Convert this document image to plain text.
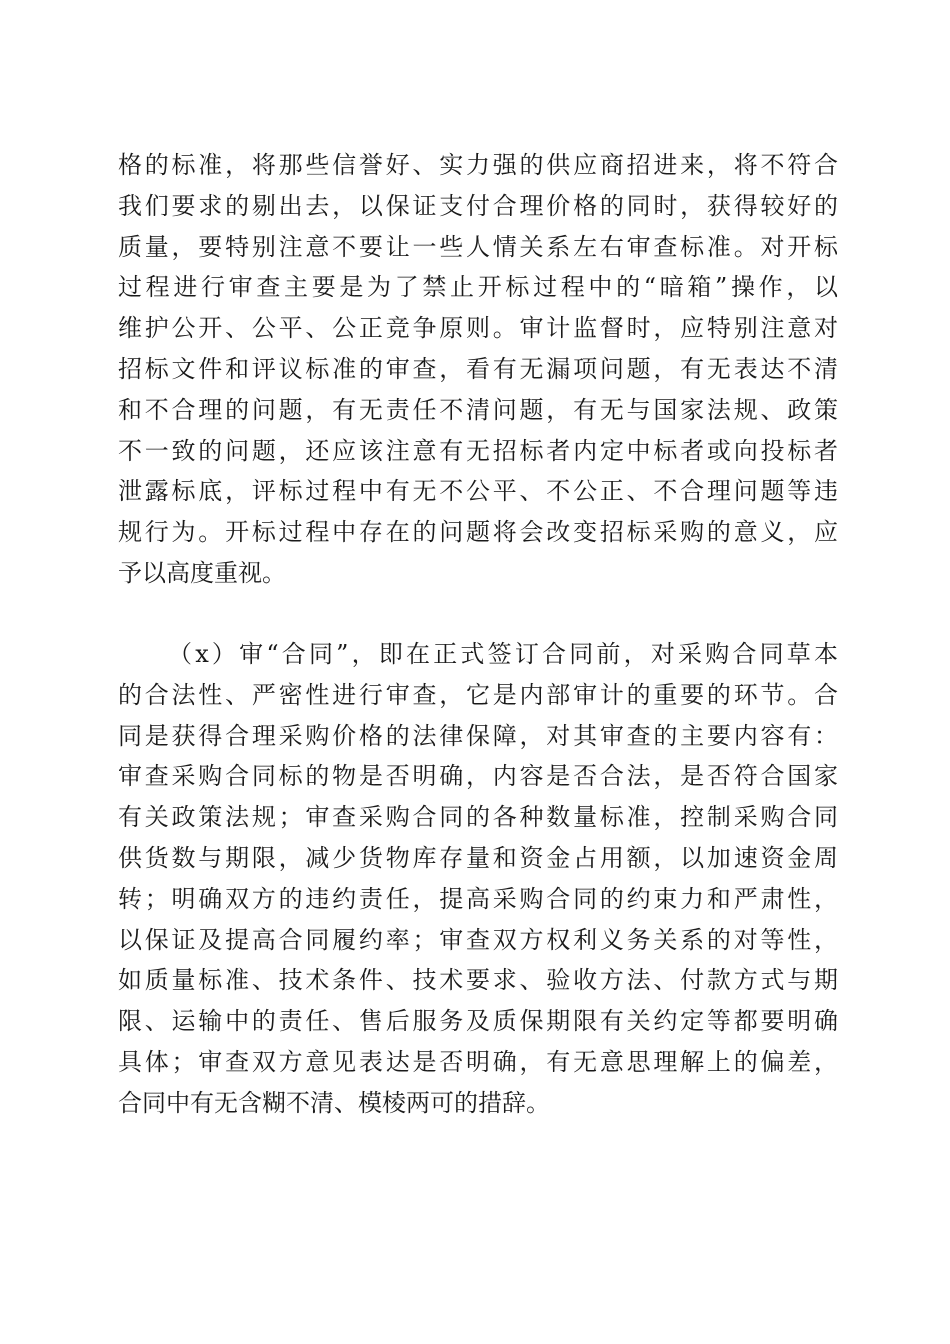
格的标准，将那些信誉好、实力强的供应商招进来，将不符合
我们要求的剔出去，以保证支付合理价格的同时，获得较好的
质量，要特别注意不要让一些人情关系左右审查标准。对开标
过程进行审查主要是为了禁止开标过程中的“暗箱”操作，以
维护公开、公平、公正竞争原则。审计监督时，应特别注意对
招标文件和评议标准的审查，看有无漏项问题，有无表达不清
和不合理的问题，有无责任不清问题，有无与国家法规、政策
不一致的问题，还应该注意有无招标者内定中标者或向投标者
泄露标底，评标过程中有无不公平、不公正、不合理问题等违
规行为。开标过程中存在的问题将会改变招标采购的意义，应
予以高度重视。
（x）审“合同”，即在正式签订合同前，对采购合同草本
的合法性、严密性进行审查，它是内部审计的重要的环节。合
同是获得合理采购价格的法律保障，对其审查的主要内容有：
审查采购合同标的物是否明确，内容是否合法，是否符合国家
有关政策法规；审查采购合同的各种数量标准，控制采购合同
供货数与期限，减少货物库存量和资金占用额，以加速资金周
转；明确双方的违约责任，提高采购合同的约束力和严肃性，
以保证及提高合同履约率；审查双方权利义务关系的对等性，
如质量标准、技术条件、技术要求、验收方法、付款方式与期
限、运输中的责任、售后服务及质保期限有关约定等都要明确
具体；审查双方意见表达是否明确，有无意思理解上的偏差，
合同中有无含糊不清、模棱两可的措辞。
